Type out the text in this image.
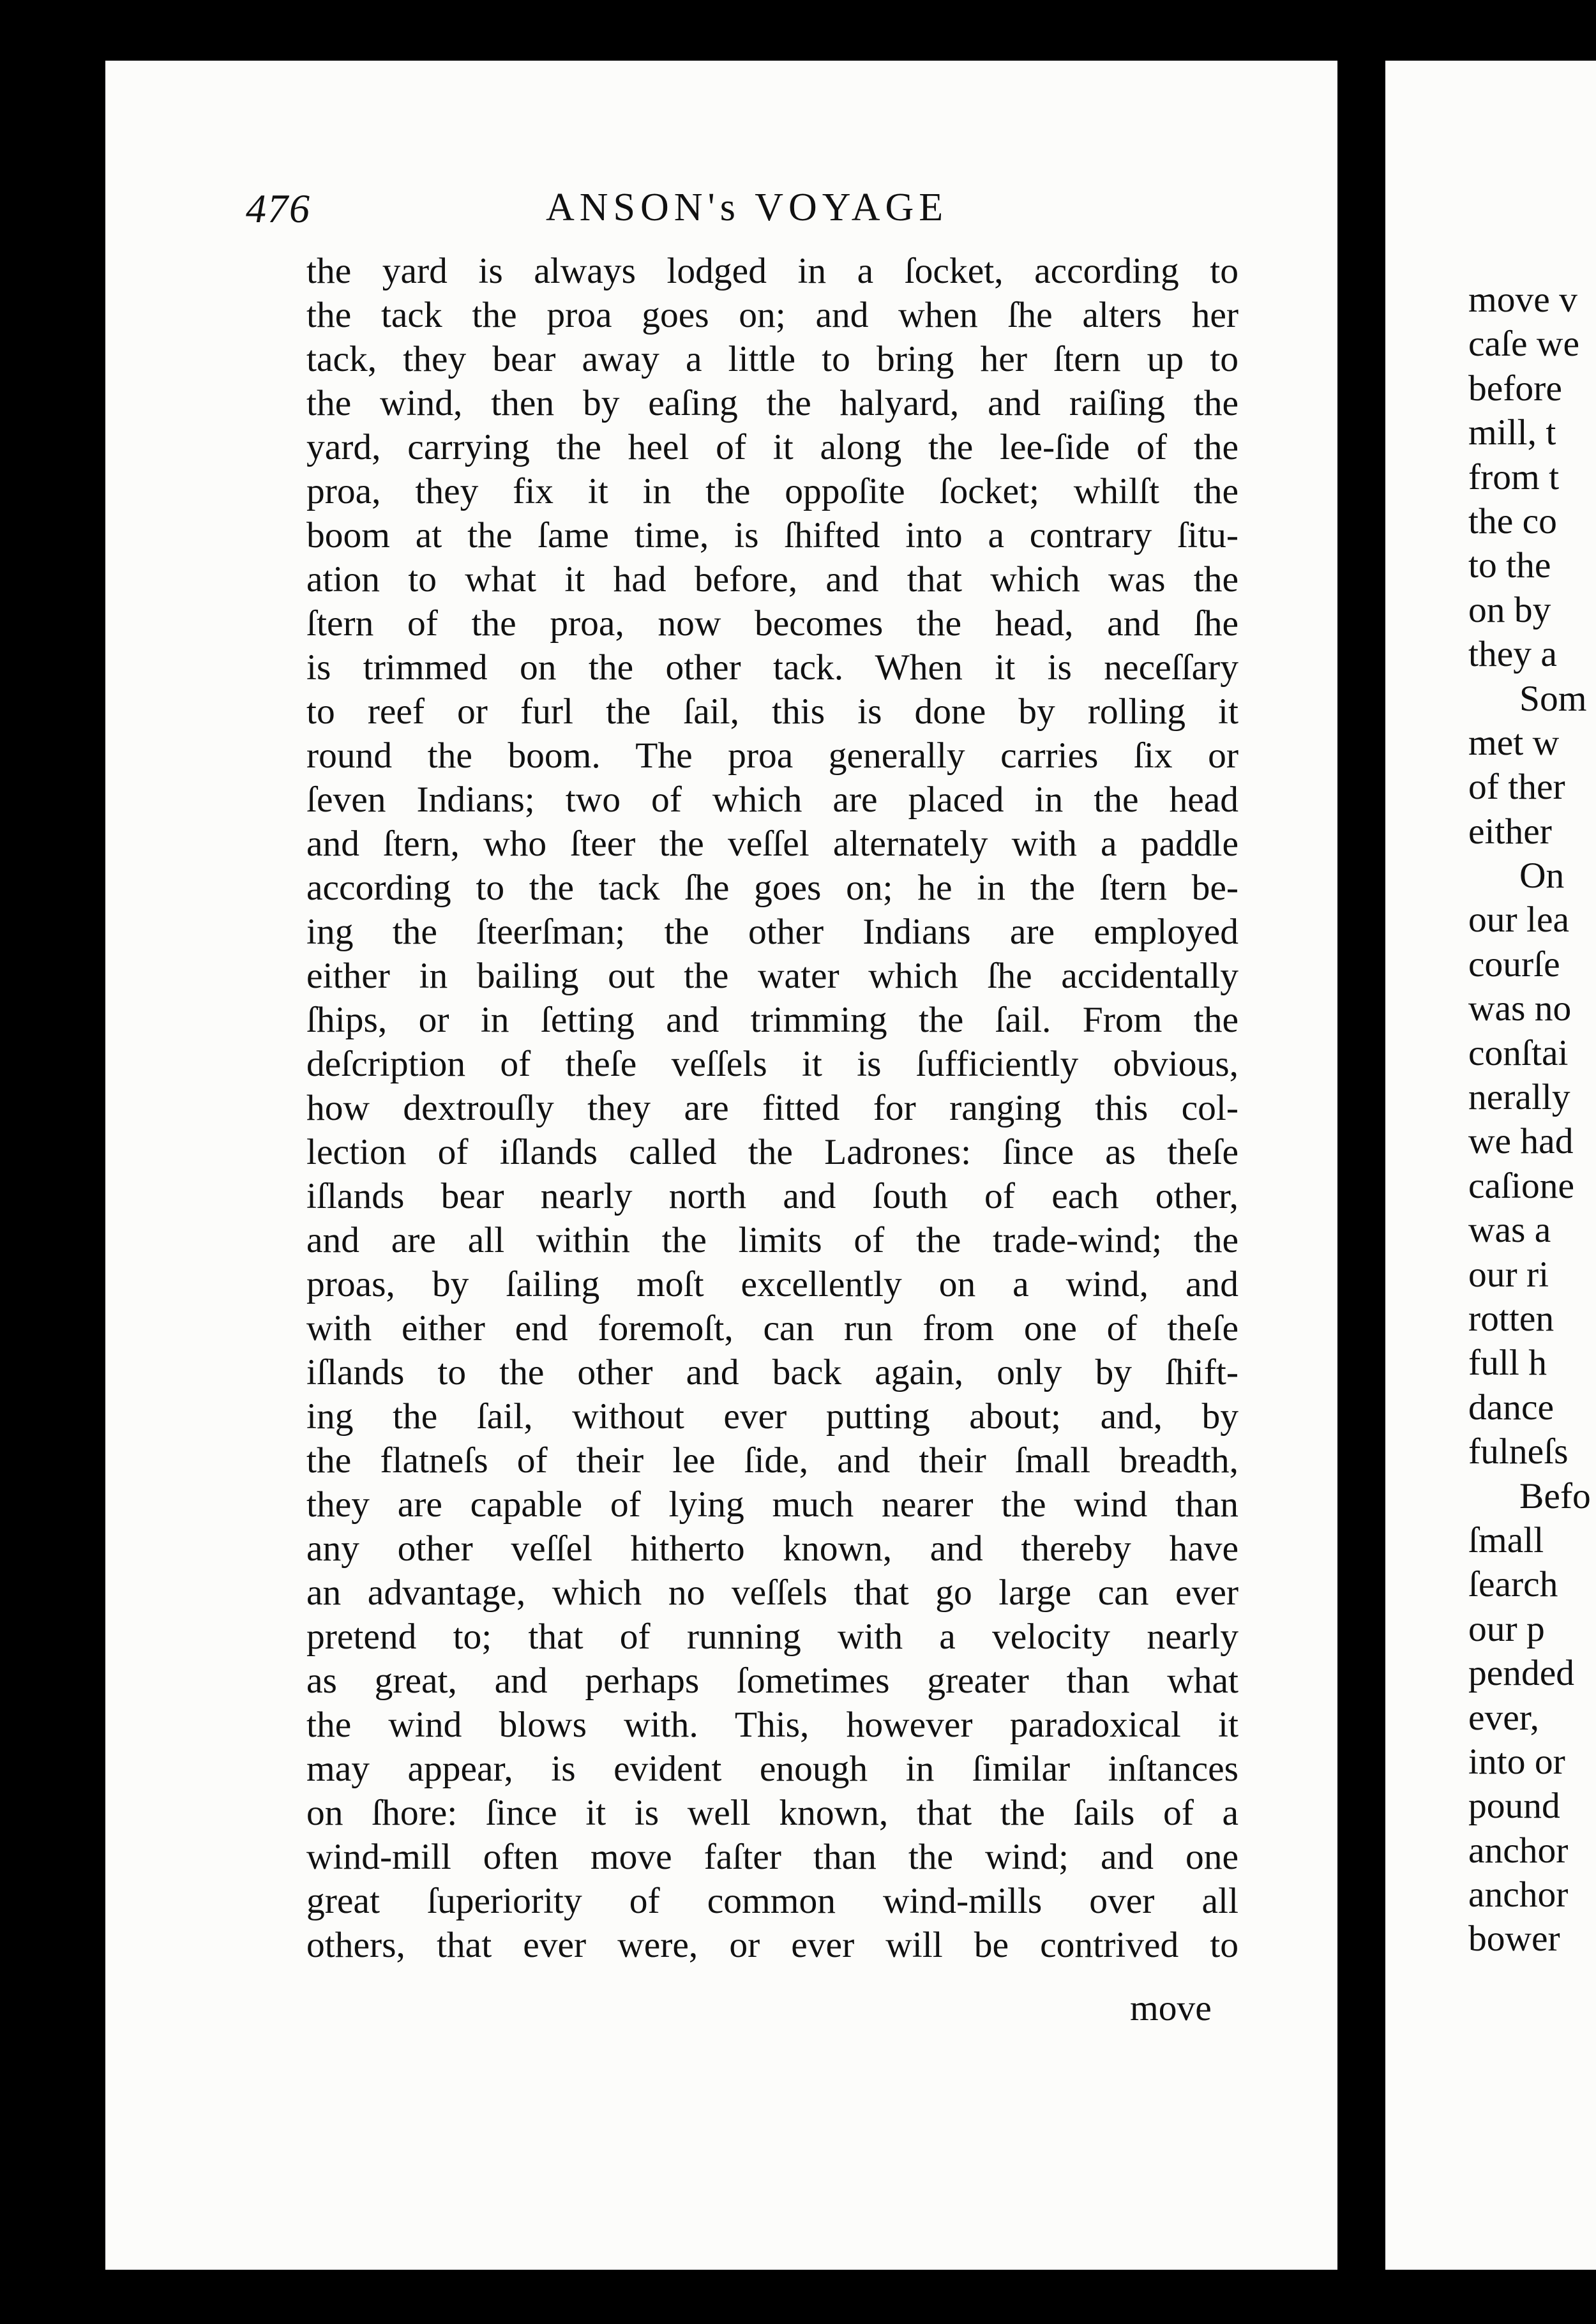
476	ANSON's VOYAGE
the yard is always lodged in a ſocket, according to
the tack the proa goes on; and when ſhe alters her
tack, they bear away a little to bring her ſtern up to
the wind, then by eaſing the halyard, and raiſing the
yard, carrying the heel of it along the lee-ſide of the
proa, they fix it in the oppoſite ſocket; whilſt the
boom at the ſame time, is ſhifted into a contrary ſitu-
ation to what it had before, and that which was the
ſtern of the proa, now becomes the head, and ſhe
is trimmed on the other tack. When it is neceſſary
to reef or furl the ſail, this is done by rolling it
round the boom. The proa generally carries ſix or
ſeven Indians; two of which are placed in the head
and ſtern, who ſteer the veſſel alternately with a paddle
according to the tack ſhe goes on; he in the ſtern be-
ing the ſteerſman; the other Indians are employed
either in bailing out the water which ſhe accidentally
ſhips, or in ſetting and trimming the ſail. From the
deſcription of theſe veſſels it is ſufficiently obvious,
how dextrouſly they are fitted for ranging this col-
lection of iſlands called the Ladrones: ſince as theſe
iſlands bear nearly north and ſouth of each other,
and are all within the limits of the trade-wind; the
proas, by ſailing moſt excellently on a wind, and
with either end foremoſt, can run from one of theſe
iſlands to the other and back again, only by ſhift-
ing the ſail, without ever putting about; and, by
the flatneſs of their lee ſide, and their ſmall breadth,
they are capable of lying much nearer the wind than
any other veſſel hitherto known, and thereby have
an advantage, which no veſſels that go large can ever
pretend to; that of running with a velocity nearly
as great, and perhaps ſometimes greater than what
the wind blows with. This, however paradoxical it
may appear, is evident enough in ſimilar inſtances
on ſhore: ſince it is well known, that the ſails of a
wind-mill often move faſter than the wind; and one
great ſuperiority of common wind-mills over all
others, that ever were, or ever will be contrived to
move
move v
caſe we
before
mill, t
from t
the co
to the
on by
they a
Som
met w
of ther
either
On
our lea
courſe
was no
conſtai
nerally
we had
caſione
was a
our ri
rotten
full h
dance
fulneſs
Befo
ſmall
ſearch
our p
pended
ever,
into or
pound
anchor
anchor
bower
